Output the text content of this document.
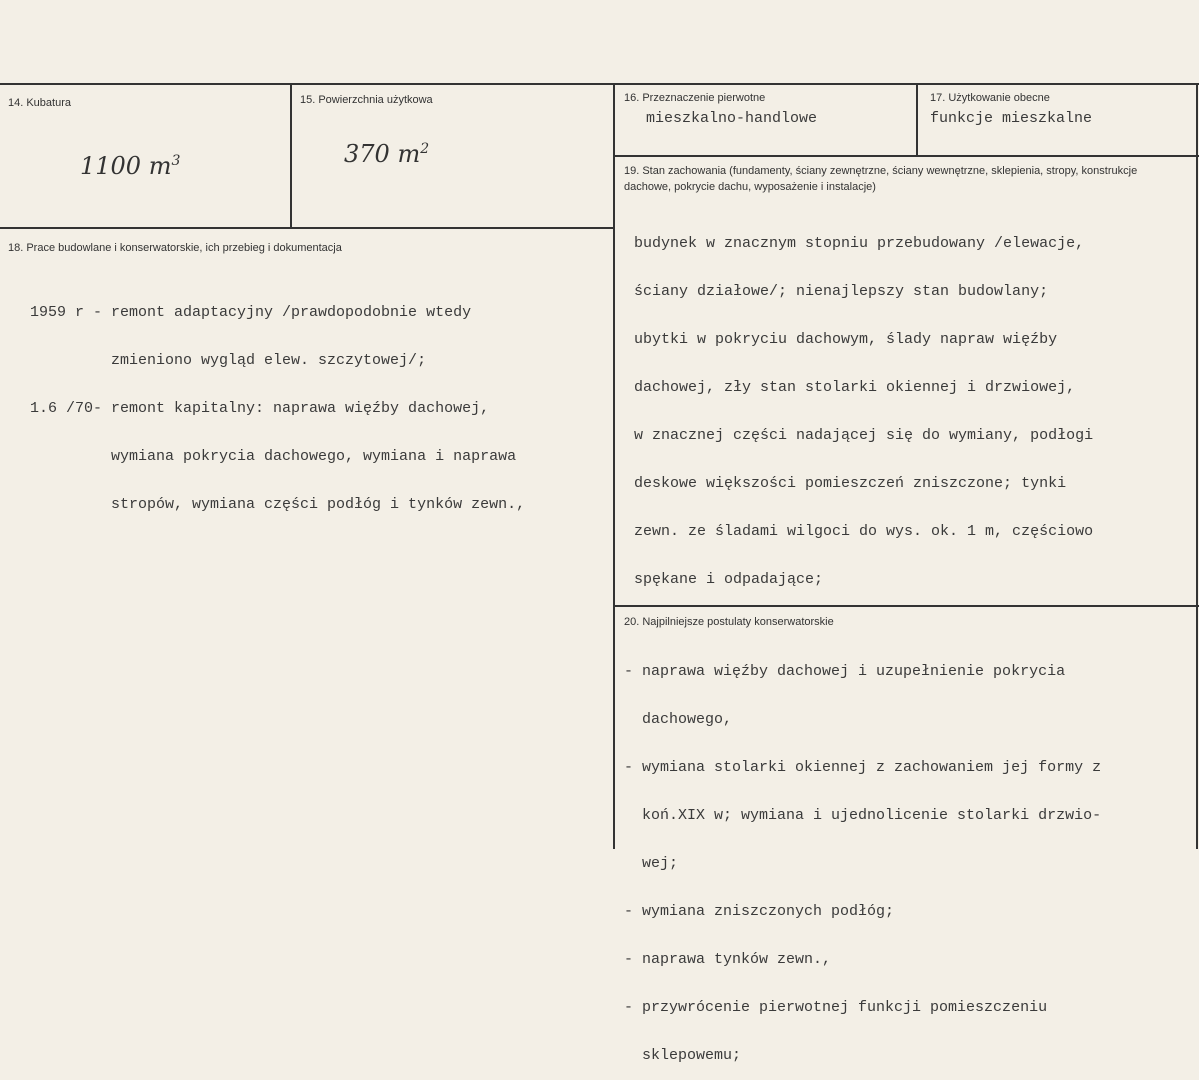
14. Kubatura
1100 $m^3$
15. Powierzchnia użytkowa
370 $m^2$
16. Przeznaczenie pierwotne
mieszkalno-handlowe
17. Użytkowanie obecne
funkcje mieszkalne
18. Prace budowlane i konserwatorskie, ich przebieg i dokumentacja

1959 r - remont adaptacyjny /prawdopodobnie wtedy

zmieniono wygląd elew. szczytowej/;

1.6 /70- remont kapitalny: naprawa więźby dachowej,

wymiana pokrycia dachowego, wymiana i naprawa

stropów, wymiana części podłóg i tynków zewn.,

19. Stan zachowania (fundamenty, ściany zewnętrzne, ściany wewnętrzne, sklepienia, stropy, konstrukcje dachowe, pokrycie dachu, wyposażenie i instalacje)

budynek w znacznym stopniu przebudowany /elewacje,

ściany działowe/; nienajlepszy stan budowlany;

ubytki w pokryciu dachowym, ślady napraw więźby

dachowej, zły stan stolarki okiennej i drzwiowej,

w znacznej części nadającej się do wymiany, podłogi

deskowe większości pomieszczeń zniszczone; tynki

zewn. ze śladami wilgoci do wys. ok. 1 m, częściowo

spękane i odpadające;

20. Najpilniejsze postulaty konserwatorskie

- naprawa więźby dachowej i uzupełnienie pokrycia

dachowego,

- wymiana stolarki okiennej z zachowaniem jej formy z

koń.XIX w; wymiana i ujednolicenie stolarki drzwio-

wej;

- wymiana zniszczonych podłóg;

- naprawa tynków zewn.,

- przywrócenie pierwotnej funkcji pomieszczeniu

sklepowemu;
